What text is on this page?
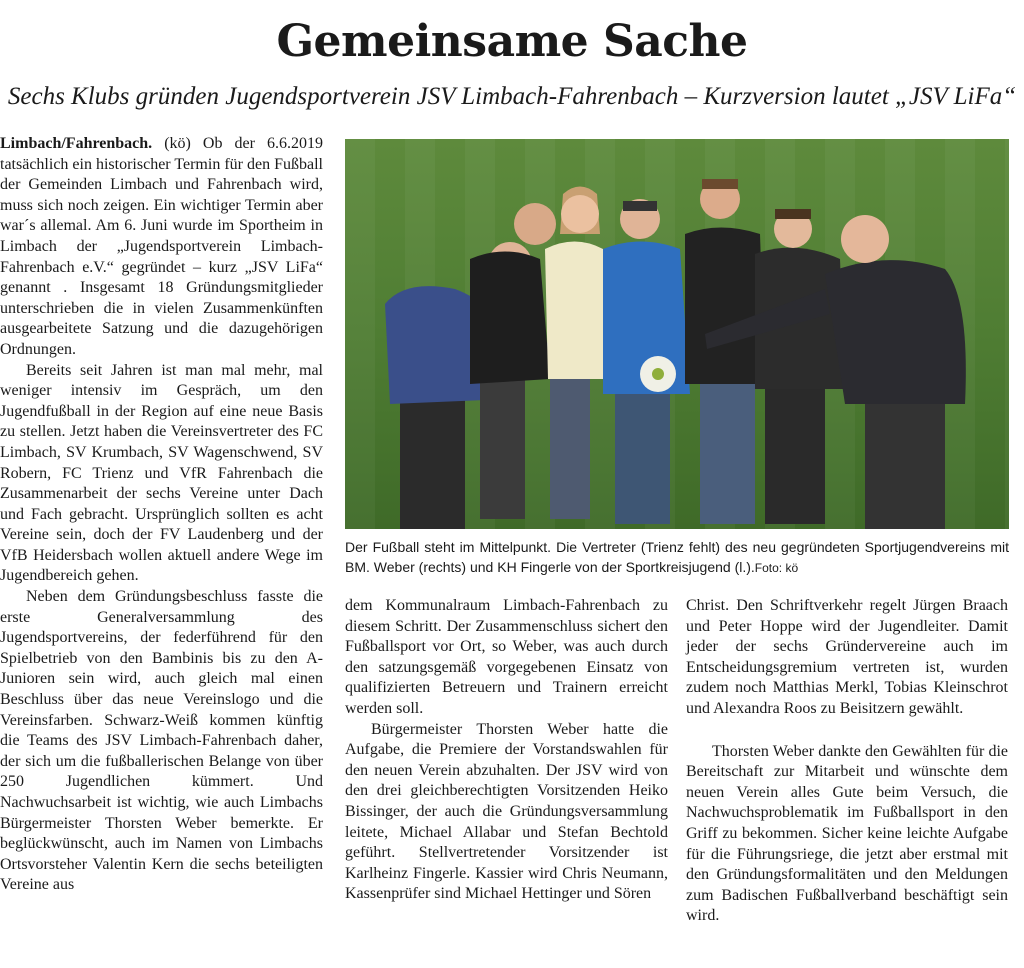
Gemeinsame Sache
Sechs Klubs gründen Jugendsportverein JSV Limbach-Fahrenbach – Kurzversion lautet „JSV LiFa“

Limbach/Fahrenbach. (kö) Ob der 6.6.2019 tatsächlich ein historischer Termin für den Fußball der Gemeinden Limbach und Fahrenbach wird, muss sich noch zeigen. Ein wichtiger Termin aber war´s allemal. Am 6. Juni wurde im Sportheim in Limbach der „Jugendsportverein Limbach-Fahrenbach e.V.“ gegründet – kurz „JSV LiFa“ genannt . Insgesamt 18 Gründungsmitglieder unterschrieben die in vielen Zusammenkünften ausgearbeitete Satzung und die dazugehörigen Ordnungen.

Bereits seit Jahren ist man mal mehr, mal weniger intensiv im Gespräch, um den Jugendfußball in der Region auf eine neue Basis zu stellen. Jetzt haben die Vereinsvertreter des FC Limbach, SV Krumbach, SV Wagenschwend, SV Robern, FC Trienz und VfR Fahrenbach die Zusammenarbeit der sechs Vereine unter Dach und Fach gebracht. Ursprünglich sollten es acht Vereine sein, doch der FV Laudenberg und der VfB Heidersbach wollen aktuell andere Wege im Jugendbereich gehen.

Neben dem Gründungsbeschluss fasste die erste Generalversammlung des Jugendsportvereins, der federführend für den Spielbetrieb von den Bambinis bis zu den A-Junioren sein wird, auch gleich mal einen Beschluss über das neue Vereinslogo und die Vereinsfarben. Schwarz-Weiß kommen künftig die Teams des JSV Limbach-Fahrenbach daher, der sich um die fußballerischen Belange von über 250 Jugendlichen kümmert. Und Nachwuchsarbeit ist wichtig, wie auch Limbachs Bürgermeister Thorsten Weber bemerkte. Er beglückwünscht, auch im Namen von Limbachs Ortsvorsteher Valentin Kern die sechs beteiligten Vereine aus

Der Fußball steht im Mittelpunkt. Die Vertreter (Trienz fehlt) des neu gegründeten Sportjugendvereins mit BM. Weber (rechts) und KH Fingerle von der Sportkreisjugend (l.).Foto: kö

dem Kommunalraum Limbach-Fahrenbach zu diesem Schritt. Der Zusammenschluss sichert den Fußballsport vor Ort, so Weber, was auch durch den satzungsgemäß vorgegebenen Einsatz von qualifizierten Betreuern und Trainern erreicht werden soll.

Bürgermeister Thorsten Weber hatte die Aufgabe, die Premiere der Vorstandswahlen für den neuen Verein abzuhalten. Der JSV wird von den drei gleichberechtigten Vorsitzenden Heiko Bissinger, der auch die Gründungsversammlung leitete, Michael Allabar und Stefan Bechtold geführt. Stellvertretender Vorsitzender ist Karlheinz Fingerle. Kassier wird Chris Neumann, Kassenprüfer sind Michael Hettinger und Sören

Christ. Den Schriftverkehr regelt Jürgen Braach und Peter Hoppe wird der Jugendleiter. Damit jeder der sechs Gründervereine auch im Entscheidungsgremium vertreten ist, wurden zudem noch Matthias Merkl, Tobias Kleinschrot und Alexandra Roos zu Beisitzern gewählt.

Thorsten Weber dankte den Gewählten für die Bereitschaft zur Mitarbeit und wünschte dem neuen Verein alles Gute beim Versuch, die Nachwuchsproblematik im Fußballsport in den Griff zu bekommen. Sicher keine leichte Aufgabe für die Führungsriege, die jetzt aber erstmal mit den Gründungsformalitäten und den Meldungen zum Badischen Fußballverband beschäftigt sein wird.
